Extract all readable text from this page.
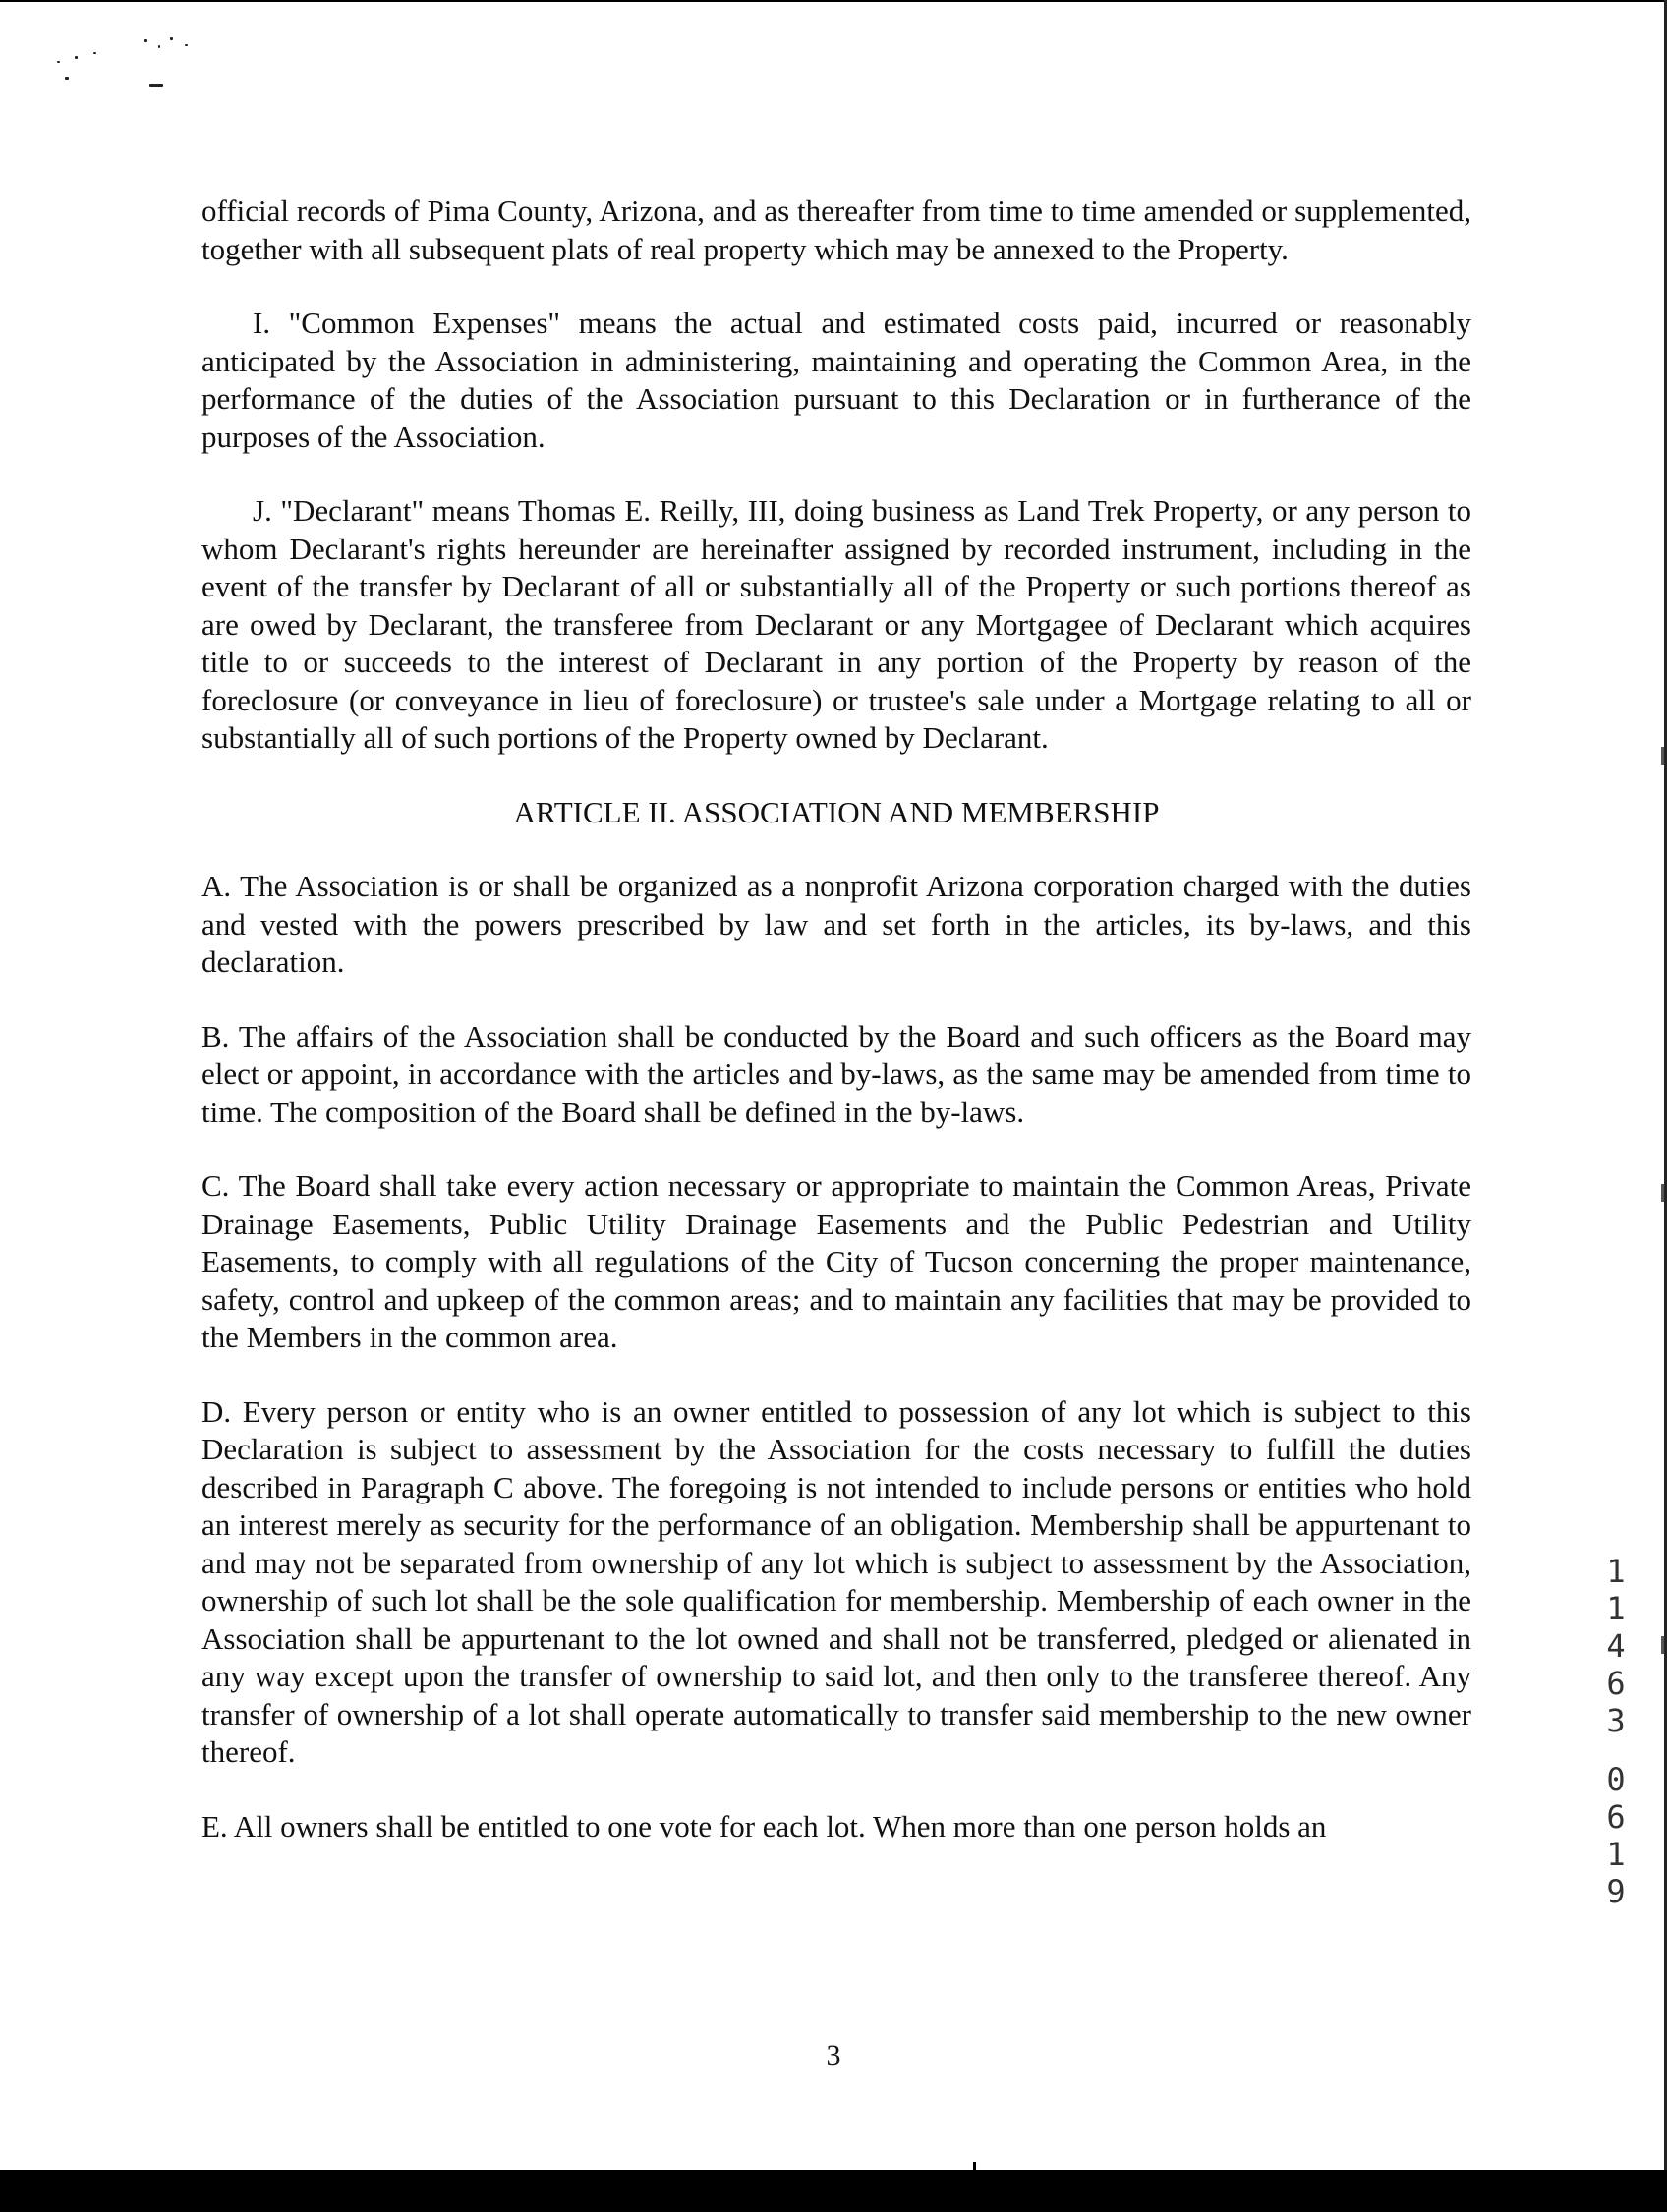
official records of Pima County, Arizona, and as thereafter from time to time amended or supplemented, together with all subsequent plats of real property which may be annexed to the Property.

I. "Common Expenses" means the actual and estimated costs paid, incurred or reasonably anticipated by the Association in administering, maintaining and operating the Common Area, in the performance of the duties of the Association pursuant to this Declaration or in furtherance of the purposes of the Association.

J. "Declarant" means Thomas E. Reilly, III, doing business as Land Trek Property, or any person to whom Declarant's rights hereunder are hereinafter assigned by recorded instrument, including in the event of the transfer by Declarant of all or substantially all of the Property or such portions thereof as are owed by Declarant, the transferee from Declarant or any Mortgagee of Declarant which acquires title to or succeeds to the interest of Declarant in any portion of the Property by reason of the foreclosure (or conveyance in lieu of foreclosure) or trustee's sale under a Mortgage relating to all or substantially all of such portions of the Property owned by Declarant.

ARTICLE II. ASSOCIATION AND MEMBERSHIP

A. The Association is or shall be organized as a nonprofit Arizona corporation charged with the duties and vested with the powers prescribed by law and set forth in the articles, its by-laws, and this declaration.

B. The affairs of the Association shall be conducted by the Board and such officers as the Board may elect or appoint, in accordance with the articles and by-laws, as the same may be amended from time to time. The composition of the Board shall be defined in the by-laws.

C. The Board shall take every action necessary or appropriate to maintain the Common Areas, Private Drainage Easements, Public Utility Drainage Easements and the Public Pedestrian and Utility Easements, to comply with all regulations of the City of Tucson concerning the proper maintenance, safety, control and upkeep of the common areas; and to maintain any facilities that may be provided to the Members in the common area.

D. Every person or entity who is an owner entitled to possession of any lot which is subject to this Declaration is subject to assessment by the Association for the costs necessary to fulfill the duties described in Paragraph C above. The foregoing is not intended to include persons or entities who hold an interest merely as security for the performance of an obligation. Membership shall be appurtenant to and may not be separated from ownership of any lot which is subject to assessment by the Association, ownership of such lot shall be the sole qualification for membership. Membership of each owner in the Association shall be appurtenant to the lot owned and shall not be transferred, pledged or alienated in any way except upon the transfer of ownership to said lot, and then only to the transferee thereof. Any transfer of ownership of a lot shall operate automatically to transfer said membership to the new owner thereof.

E. All owners shall be entitled to one vote for each lot. When more than one person holds an

3
1
1
4
6
3
0
6
1
9
